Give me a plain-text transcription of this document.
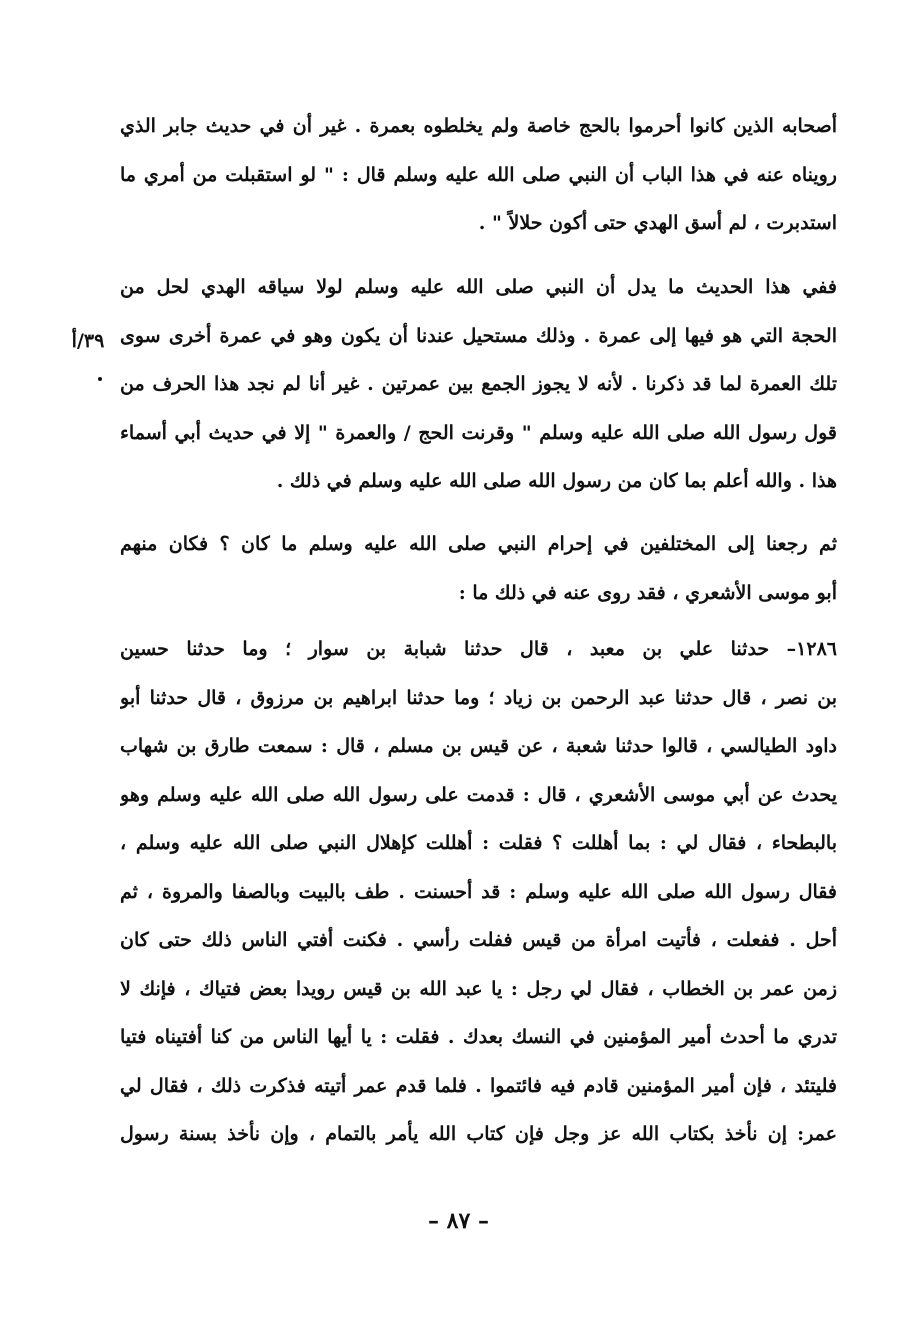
أصحابه الذين كانوا أحرموا بالحج خاصة ولم يخلطوه بعمرة . غير أن في حديث جابر الذي
رويناه عنه في هذا الباب أن النبي صلى الله عليه وسلم قال : " لو استقبلت من أمري ما
استدبرت ، لم أسق الهدي حتى أكون حلالاً " .
ففي هذا الحديث ما يدل أن النبي صلى الله عليه وسلم لولا سياقه الهدي لحل من
الحجة التي هو فيها إلى عمرة . وذلك مستحيل عندنا أن يكون وهو في عمرة أخرى سوى
تلك العمرة لما قد ذكرنا . لأنه لا يجوز الجمع بين عمرتين . غير أنا لم نجد هذا الحرف من
قول رسول الله صلى الله عليه وسلم " وقرنت الحج / والعمرة " إلا في حديث أبي أسماء
هذا . والله أعلم بما كان من رسول الله صلى الله عليه وسلم في ذلك .
٣٩/أ
ثم رجعنا إلى المختلفين في إحرام النبي صلى الله عليه وسلم ما كان ؟ فكان منهم
أبو موسى الأشعري ، فقد روى عنه في ذلك ما :
١٢٨٦– حدثنا علي بن معبد ، قال حدثنا شبابة بن سوار ؛ وما حدثنا حسين
بن نصر ، قال حدثنا عبد الرحمن بن زياد ؛ وما حدثنا ابراهيم بن مرزوق ، قال حدثنا أبو
داود الطيالسي ، قالوا حدثنا شعبة ، عن قيس بن مسلم ، قال : سمعت طارق بن شهاب
يحدث عن أبي موسى الأشعري ، قال : قدمت على رسول الله صلى الله عليه وسلم وهو
بالبطحاء ، فقال لي : بما أهللت ؟ فقلت : أهللت كإهلال النبي صلى الله عليه وسلم ،
فقال رسول الله صلى الله عليه وسلم : قد أحسنت . طف بالبيت وبالصفا والمروة ، ثم
أحل . ففعلت ، فأتيت امرأة من قيس ففلت رأسي . فكنت أفتي الناس ذلك حتى كان
زمن عمر بن الخطاب ، فقال لي رجل : يا عبد الله بن قيس رويدا بعض فتياك ، فإنك لا
تدري ما أحدث أمير المؤمنين في النسك بعدك . فقلت : يا أيها الناس من كنا أفتيناه فتيا
فليتئد ، فإن أمير المؤمنين قادم فيه فائتموا . فلما قدم عمر أتيته فذكرت ذلك ، فقال لي
عمر: إن نأخذ بكتاب الله عز وجل فإن كتاب الله يأمر بالتمام ، وإن نأخذ بسنة رسول
– ٨٧ –
